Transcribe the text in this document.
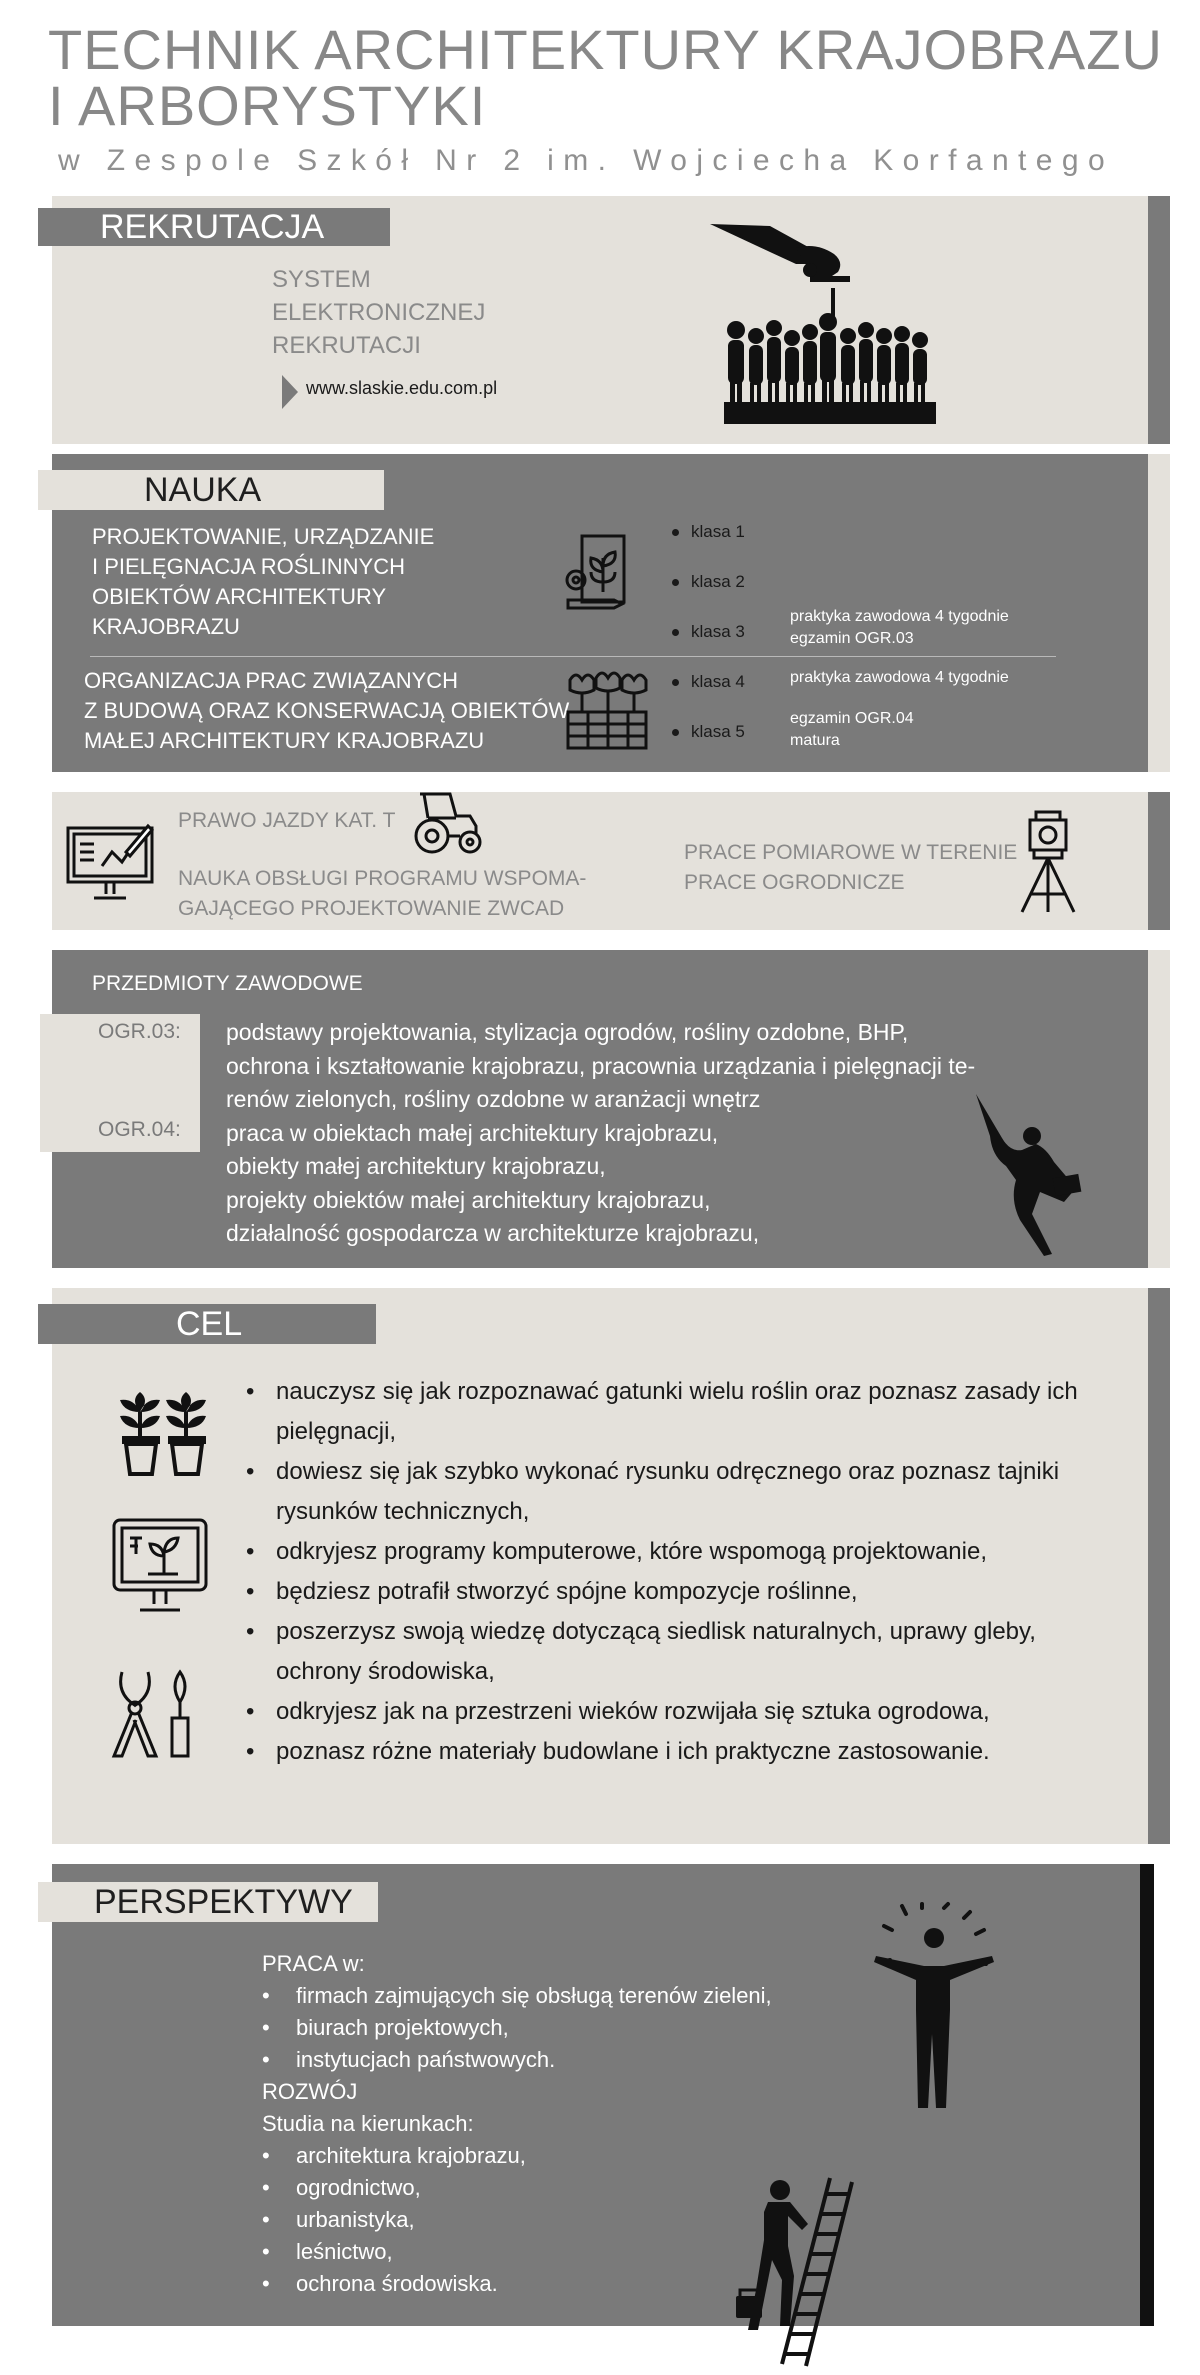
TECHNIK ARCHITEKTURY KRAJOBRAZU
I ARBORYSTYKI
w Zespole Szkół Nr 2 im. Wojciecha Korfantego
REKRUTACJA
SYSTEM
ELEKTRONICZNEJ
REKRUTACJI
www.slaskie.edu.com.pl
NAUKA
PROJEKTOWANIE, URZĄDZANIE
I PIELĘGNACJA ROŚLINNYCH
OBIEKTÓW ARCHITEKTURY
KRAJOBRAZU
ORGANIZACJA PRAC ZWIĄZANYCH
Z BUDOWĄ ORAZ KONSERWACJĄ OBIEKTÓW
MAŁEJ ARCHITEKTURY KRAJOBRAZU
klasa 1
klasa 2
klasa 3
klasa 4
klasa 5
praktyka zawodowa 4 tygodnie
egzamin OGR.03
praktyka zawodowa 4 tygodnie
egzamin OGR.04
matura
PRAWO JAZDY KAT. T
NAUKA OBSŁUGI PROGRAMU WSPOMA-
GAJĄCEGO PROJEKTOWANIE ZWCAD
PRACE POMIAROWE W TERENIE
PRACE OGRODNICZE
PRZEDMIOTY ZAWODOWE
OGR.03:
OGR.04:
podstawy projektowania, stylizacja ogrodów, rośliny ozdobne, BHP,
ochrona i kształtowanie krajobrazu, pracownia urządzania i pielęgnacji te-
renów zielonych, rośliny ozdobne w aranżacji wnętrz
praca w obiektach małej architektury krajobrazu,
obiekty małej architektury krajobrazu,
projekty obiektów małej architektury krajobrazu,
działalność gospodarcza w architekturze krajobrazu,
CEL
• nauczysz się jak rozpoznawać gatunki wielu roślin oraz poznasz zasady ich pielęgnacji,
• dowiesz się jak szybko wykonać rysunku odręcznego oraz poznasz tajniki rysunków technicznych,
• odkryjesz programy komputerowe, które wspomogą projektowanie,
• będziesz potrafił stworzyć spójne kompozycje roślinne,
• poszerzysz swoją wiedzę dotyczącą siedlisk naturalnych, uprawy gleby, ochrony środowiska,
• odkryjesz jak na przestrzeni wieków rozwijała się sztuka ogrodowa,
• poznasz różne materiały budowlane i ich praktyczne zastosowanie.
PERSPEKTYWY
PRACA w:
• firmach zajmujących się obsługą terenów zieleni,
• biurach projektowych,
• instytucjach państwowych.
ROZWÓJ
Studia na kierunkach:
• architektura krajobrazu,
• ogrodnictwo,
• urbanistyka,
• leśnictwo,
• ochrona środowiska.
